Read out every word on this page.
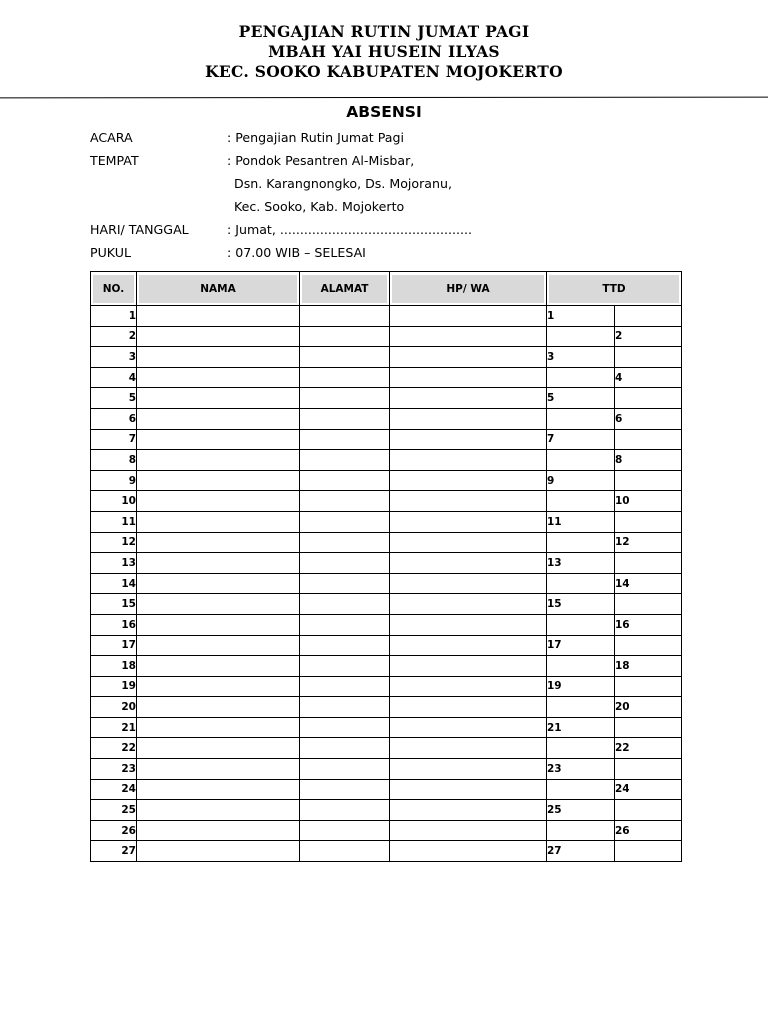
PENGAJIAN RUTIN JUMAT PAGI
MBAH YAI HUSEIN ILYAS
KEC. SOOKO KABUPATEN MOJOKERTO
ABSENSI
ACARA	: Pengajian Rutin Jumat Pagi
TEMPAT	: Pondok Pesantren Al-Misbar,
Dsn. Karangnongko, Ds. Mojoranu,
Kec. Sooko, Kab. Mojokerto
HARI/ TANGGAL	: Jumat, ................................................
PUKUL	: 07.00 WIB – SELESAI
NO.	NAMA	ALAMAT	HP/ WA	TTD	

1				1	
2					2
3				3	
4					4
5				5	
6					6
7				7	
8					8
9				9	
10					10
11				11	
12					12
13				13	
14					14
15				15	
16					16
17				17	
18					18
19				19	
20					20
21				21	
22					22
23				23	
24					24
25				25	
26					26
27				27	
